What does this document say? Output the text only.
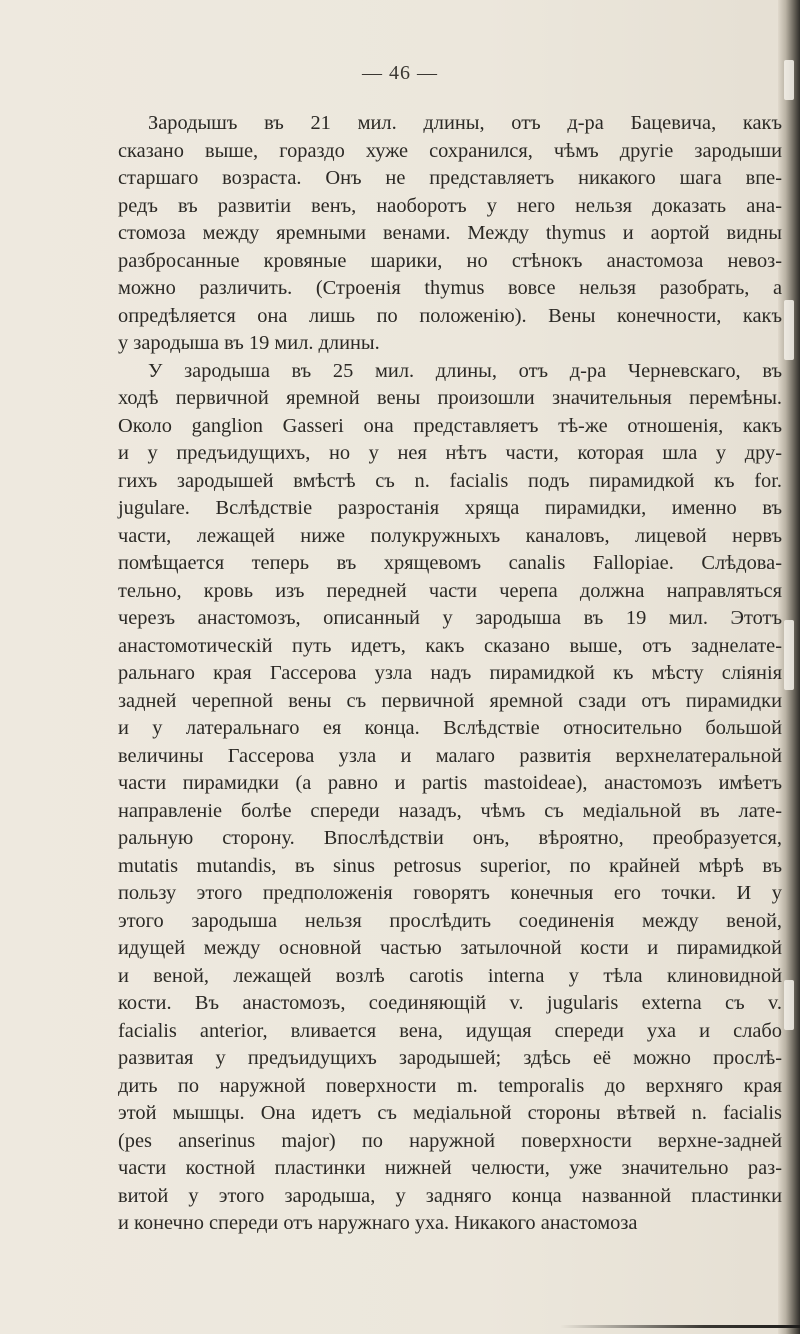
— 46 —
Зародышъ въ 21 мил. длины, отъ д-ра Бацевича, какъ
сказано выше, гораздо хуже сохранился, чѣмъ другіе зародыши
старшаго возраста. Онъ не представляетъ никакого шага впе-
редъ въ развитіи венъ, наоборотъ у него нельзя доказать ана-
стомоза между яремными венами. Между thymus и аортой видны
разбросанные кровяные шарики, но стѣнокъ анастомоза невоз-
можно различить. (Строенія thymus вовсе нельзя разобрать, а
опредѣляется она лишь по положенію). Вены конечности, какъ
у зародыша въ 19 мил. длины.
У зародыша въ 25 мил. длины, отъ д-ра Черневскаго, въ
ходѣ первичной яремной вены произошли значительныя перемѣны.
Около ganglion Gasseri она представляетъ тѣ-же отношенія, какъ
и у предъидущихъ, но у нея нѣтъ части, которая шла у дру-
гихъ зародышей вмѣстѣ съ n. facialis подъ пирамидкой къ for.
jugulare. Вслѣдствіе разростанія хряща пирамидки, именно въ
части, лежащей ниже полукружныхъ каналовъ, лицевой нервъ
помѣщается теперь въ хрящевомъ canalis Falloріае. Слѣдова-
тельно, кровь изъ передней части черепа должна направляться
черезъ анастомозъ, описанный у зародыша въ 19 мил. Этотъ
анастомотическій путь идетъ, какъ сказано выше, отъ заднелате-
ральнаго края Гассерова узла надъ пирамидкой къ мѣсту сліянія
задней черепной вены съ первичной яремной сзади отъ пирамидки
и у латеральнаго ея конца. Вслѣдствіе относительно большой
величины Гассерова узла и малаго развитія верхнелатеральной
части пирамидки (а равно и partis mastoideae), анастомозъ имѣетъ
направленіе болѣе спереди назадъ, чѣмъ съ медіальной въ лате-
ральную сторону. Впослѣдствіи онъ, вѣроятно, преобразуется,
mutatis mutandis, въ sinus petrosus superior, по крайней мѣрѣ въ
пользу этого предположенія говорятъ конечныя его точки. И у
этого зародыша нельзя прослѣдить соединенія между веной,
идущей между основной частью затылочной кости и пирамидкой
и веной, лежащей возлѣ carotis interna у тѣла клиновидной
кости. Въ анастомозъ, соединяющій v. jugularis externa съ v.
facialis anterior, вливается вена, идущая спереди уха и слабо
развитая у предъидущихъ зародышей; здѣсь её можно прослѣ-
дить по наружной поверхности m. temporalis до верхняго края
этой мышцы. Она идетъ съ медіальной стороны вѣтвей n. facialis
(pes anserinus major) по наружной поверхности верхне-задней
части костной пластинки нижней челюсти, уже значительно раз-
витой у этого зародыша, у задняго конца названной пластинки
и конечно спереди отъ наружнаго уха. Никакого анастомоза
